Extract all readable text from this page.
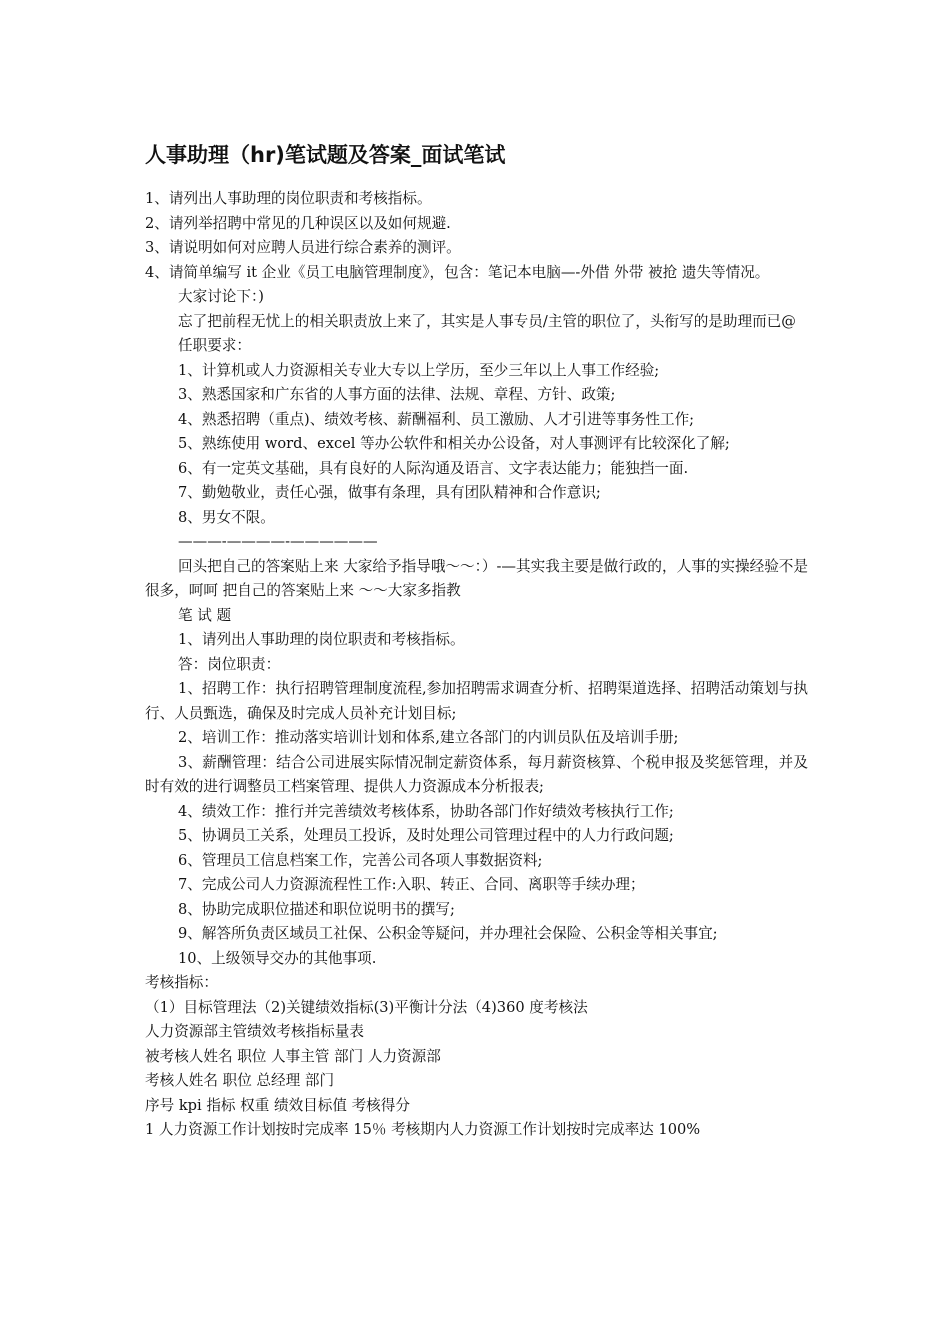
人事助理（hr)笔试题及答案_面试笔试

1、请列出人事助理的岗位职责和考核指标。

2、请列举招聘中常见的几种误区以及如何规避.

3、请说明如何对应聘人员进行综合素养的测评。

4、请简单编写 it 企业《员工电脑管理制度》，包含：笔记本电脑—-外借 外带 被抢 遗失等情况。

大家讨论下：)

忘了把前程无忧上的相关职责放上来了，其实是人事专员/主管的职位了，头衔写的是助理而已@

任职要求：

1、计算机或人力资源相关专业大专以上学历，至少三年以上人事工作经验;

3、熟悉国家和广东省的人事方面的法律、法规、章程、方针、政策;

4、熟悉招聘（重点)、绩效考核、薪酬福利、员工激励、人才引进等事务性工作;

5、熟练使用 word、excel 等办公软件和相关办公设备，对人事测评有比较深化了解;

6、有一定英文基础，具有良好的人际沟通及语言、文字表达能力；能独挡一面.

7、勤勉敬业，责任心强，做事有条理，具有团队精神和合作意识;

8、男女不限。

———-————-——————

回头把自己的答案贴上来 大家给予指导哦～～：）-—其实我主要是做行政的，人事的实操经验不是很多，呵呵 把自己的答案贴上来 ～～大家多指教

笔 试 题

1、请列出人事助理的岗位职责和考核指标。

答：岗位职责：

1、招聘工作：执行招聘管理制度流程,参加招聘需求调查分析、招聘渠道选择、招聘活动策划与执行、人员甄选，确保及时完成人员补充计划目标;

2、培训工作：推动落实培训计划和体系,建立各部门的内训员队伍及培训手册;

3、薪酬管理：结合公司进展实际情况制定薪资体系，每月薪资核算、个税申报及奖惩管理，并及时有效的进行调整员工档案管理、提供人力资源成本分析报表;

4、绩效工作：推行并完善绩效考核体系，协助各部门作好绩效考核执行工作;

5、协调员工关系，处理员工投诉，及时处理公司管理过程中的人力行政问题;

6、管理员工信息档案工作，完善公司各项人事数据资料;

7、完成公司人力资源流程性工作:入职、转正、合同、离职等手续办理；

8、协助完成职位描述和职位说明书的撰写;

9、解答所负责区域员工社保、公积金等疑问，并办理社会保险、公积金等相关事宜;

10、上级领导交办的其他事项.

考核指标：

（1）目标管理法（2)关键绩效指标(3)平衡计分法（4)360 度考核法

人力资源部主管绩效考核指标量表

被考核人姓名 职位 人事主管 部门 人力资源部

考核人姓名 职位 总经理 部门

序号 kpi 指标 权重 绩效目标值 考核得分

1 人力资源工作计划按时完成率 15％ 考核期内人力资源工作计划按时完成率达 100%
